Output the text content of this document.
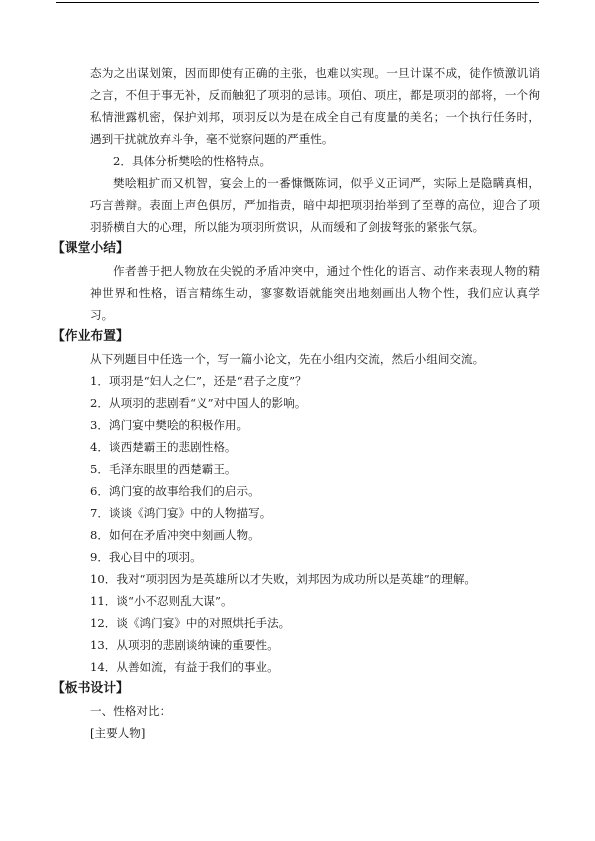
态为之出谋划策，因而即使有正确的主张，也难以实现。一旦计谋不成，徒作愤激讥诮之言，不但于事无补，反而触犯了项羽的忌讳。项伯、项庄，都是项羽的部将，一个徇私情泄露机密，保护刘邦，项羽反以为是在成全自己有度量的美名；一个执行任务时，遇到干扰就放弃斗争，毫不觉察问题的严重性。

2．具体分析樊哙的性格特点。

樊哙粗扩而又机智，宴会上的一番慷慨陈词，似乎义正词严，实际上是隐瞒真相，巧言善辩。表面上声色俱厉，严加指责，暗中却把项羽抬举到了至尊的高位，迎合了项羽骄横自大的心理，所以能为项羽所赏识，从而缓和了剑拔弩张的紧张气氛。

【课堂小结】

作者善于把人物放在尖锐的矛盾冲突中，通过个性化的语言、动作来表现人物的精神世界和性格，语言精练生动，寥寥数语就能突出地刻画出人物个性，我们应认真学习。

【作业布置】

从下列题目中任选一个，写一篇小论文，先在小组内交流，然后小组间交流。

1．项羽是“妇人之仁”，还是“君子之度”？
2．从项羽的悲剧看“义”对中国人的影响。
3．鸿门宴中樊哙的积极作用。
4．谈西楚霸王的悲剧性格。
5．毛泽东眼里的西楚霸王。
6．鸿门宴的故事给我们的启示。
7．谈谈《鸿门宴》中的人物描写。
8．如何在矛盾冲突中刻画人物。
9．我心目中的项羽。
10．我对“项羽因为是英雄所以才失败，刘邦因为成功所以是英雄”的理解。
11．谈“小不忍则乱大谋”。
12．谈《鸿门宴》中的对照烘托手法。
13．从项羽的悲剧谈纳谏的重要性。
14．从善如流，有益于我们的事业。

【板书设计】

一、性格对比：

[主要人物]
